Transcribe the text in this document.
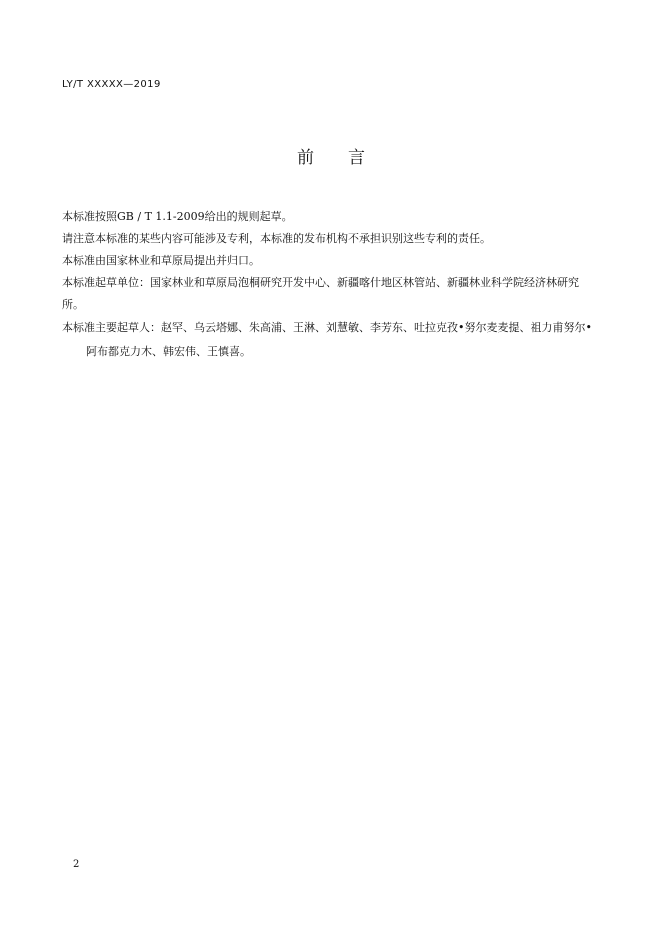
LY/T XXXXX—2019
前 言

本标准按照GB / T 1.1-2009给出的规则起草。

请注意本标准的某些内容可能涉及专利，本标准的发布机构不承担识别这些专利的责任。

本标准由国家林业和草原局提出并归口。

本标准起草单位：国家林业和草原局泡桐研究开发中心、新疆喀什地区林管站、新疆林业科学院经济林研究所。

本标准主要起草人：赵罕、乌云塔娜、朱高浦、王淋、刘慧敏、李芳东、吐拉克孜•努尔麦麦提、祖力甫努尔•阿布都克力木、韩宏伟、王慎喜。

2
